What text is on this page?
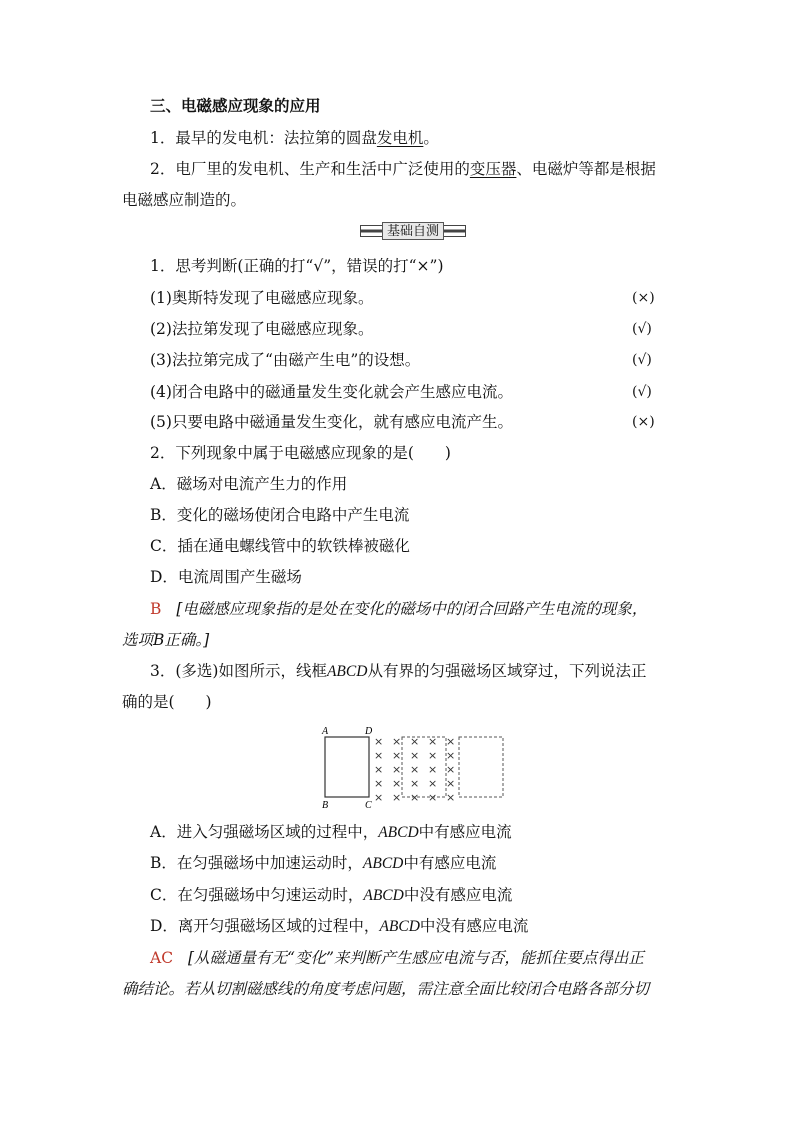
三、电磁感应现象的应用
1．最早的发电机：法拉第的圆盘发电机。
2．电厂里的发电机、生产和生活中广泛使用的变压器、电磁炉等都是根据
电磁感应制造的。
基础自测
1．思考判断(正确的打“√”，错误的打“×”)
(1)奥斯特发现了电磁感应现象。	(×)
(2)法拉第发现了电磁感应现象。	(√)
(3)法拉第完成了“由磁产生电”的设想。	(√)
(4)闭合电路中的磁通量发生变化就会产生感应电流。	(√)
(5)只要电路中磁通量发生变化，就有感应电流产生。	(×)
2．下列现象中属于电磁感应现象的是(　　)
A．磁场对电流产生力的作用
B．变化的磁场使闭合电路中产生电流
C．插在通电螺线管中的软铁棒被磁化
D．电流周围产生磁场
B [电磁感应现象指的是处在变化的磁场中的闭合回路产生电流的现象，
选项B正确。]
3．(多选)如图所示，线框ABCD从有界的匀强磁场区域穿过，下列说法正
确的是(　　)
A	D
B	C
× × × × ×
× × × × ×
× × × × ×
× × × × ×
× × × × ×
A．进入匀强磁场区域的过程中，ABCD中有感应电流
B．在匀强磁场中加速运动时，ABCD中有感应电流
C．在匀强磁场中匀速运动时，ABCD中没有感应电流
D．离开匀强磁场区域的过程中，ABCD中没有感应电流
AC [从磁通量有无“变化”来判断产生感应电流与否，能抓住要点得出正
确结论。若从切割磁感线的角度考虑问题，需注意全面比较闭合电路各部分切
